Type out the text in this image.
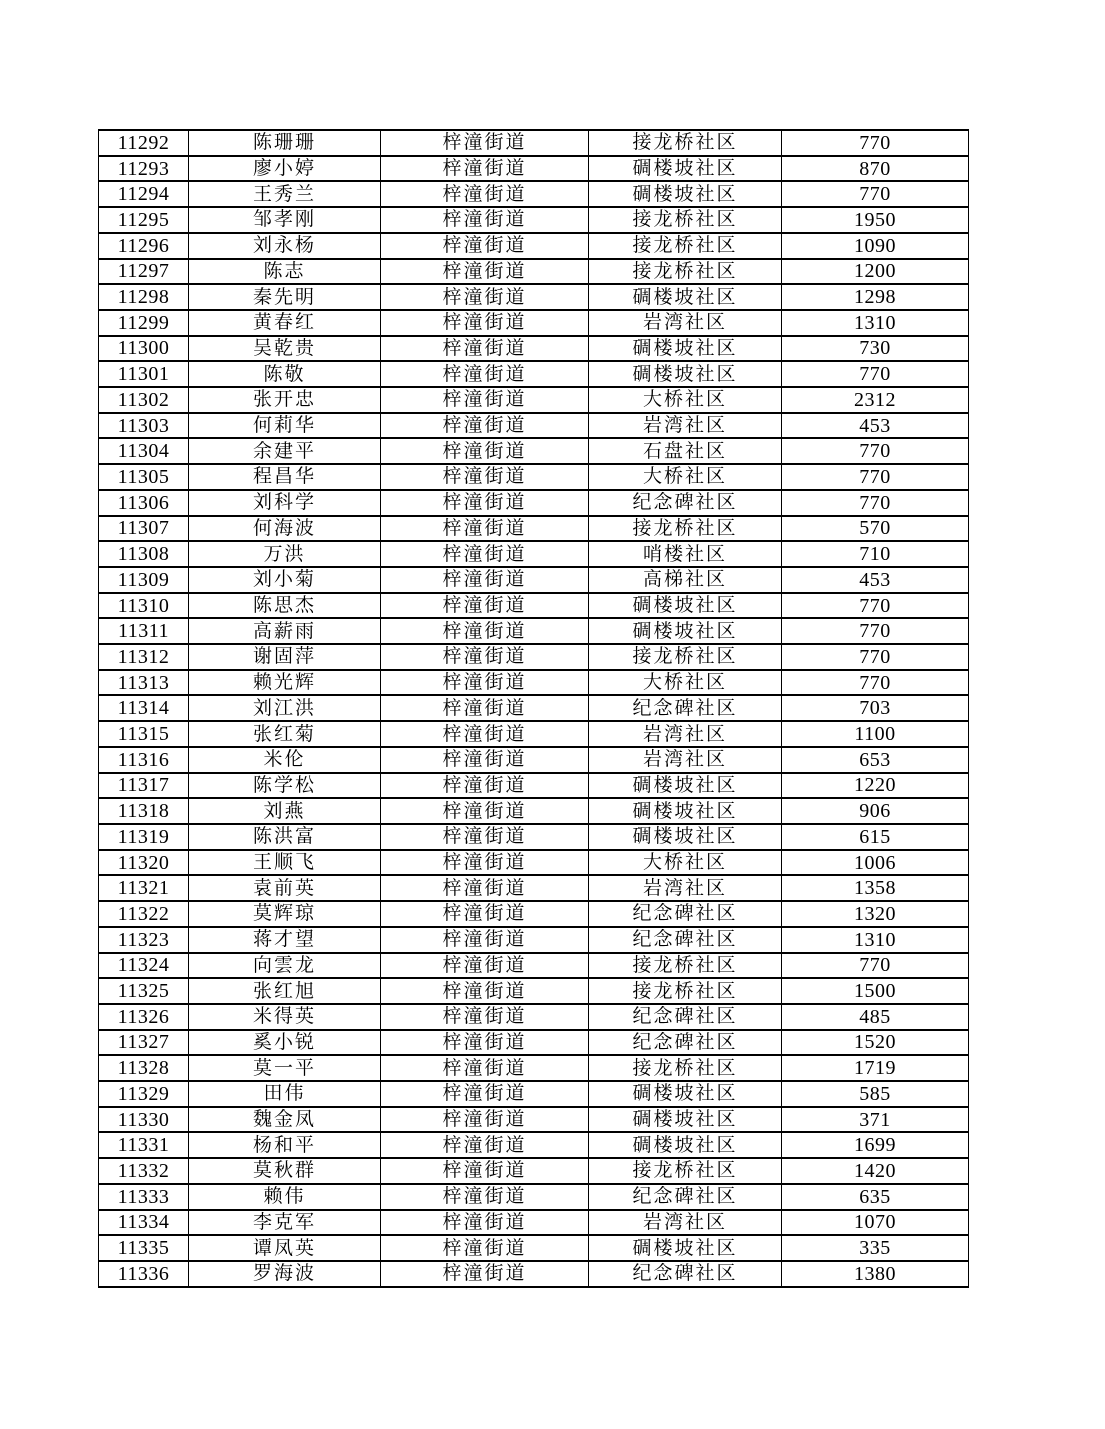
11292	陈珊珊	梓潼街道	接龙桥社区	770
11293	廖小婷	梓潼街道	碉楼坡社区	870
11294	王秀兰	梓潼街道	碉楼坡社区	770
11295	邹孝刚	梓潼街道	接龙桥社区	1950
11296	刘永杨	梓潼街道	接龙桥社区	1090
11297	陈志	梓潼街道	接龙桥社区	1200
11298	秦先明	梓潼街道	碉楼坡社区	1298
11299	黄春红	梓潼街道	岩湾社区	1310
11300	吴乾贵	梓潼街道	碉楼坡社区	730
11301	陈敬	梓潼街道	碉楼坡社区	770
11302	张开忠	梓潼街道	大桥社区	2312
11303	何莉华	梓潼街道	岩湾社区	453
11304	余建平	梓潼街道	石盘社区	770
11305	程昌华	梓潼街道	大桥社区	770
11306	刘科学	梓潼街道	纪念碑社区	770
11307	何海波	梓潼街道	接龙桥社区	570
11308	万洪	梓潼街道	哨楼社区	710
11309	刘小菊	梓潼街道	高梯社区	453
11310	陈思杰	梓潼街道	碉楼坡社区	770
11311	高薪雨	梓潼街道	碉楼坡社区	770
11312	谢固萍	梓潼街道	接龙桥社区	770
11313	赖光辉	梓潼街道	大桥社区	770
11314	刘江洪	梓潼街道	纪念碑社区	703
11315	张红菊	梓潼街道	岩湾社区	1100
11316	米伦	梓潼街道	岩湾社区	653
11317	陈学松	梓潼街道	碉楼坡社区	1220
11318	刘燕	梓潼街道	碉楼坡社区	906
11319	陈洪富	梓潼街道	碉楼坡社区	615
11320	王顺飞	梓潼街道	大桥社区	1006
11321	袁前英	梓潼街道	岩湾社区	1358
11322	莫辉琼	梓潼街道	纪念碑社区	1320
11323	蒋才望	梓潼街道	纪念碑社区	1310
11324	向雲龙	梓潼街道	接龙桥社区	770
11325	张红旭	梓潼街道	接龙桥社区	1500
11326	米得英	梓潼街道	纪念碑社区	485
11327	奚小锐	梓潼街道	纪念碑社区	1520
11328	莫一平	梓潼街道	接龙桥社区	1719
11329	田伟	梓潼街道	碉楼坡社区	585
11330	魏金凤	梓潼街道	碉楼坡社区	371
11331	杨和平	梓潼街道	碉楼坡社区	1699
11332	莫秋群	梓潼街道	接龙桥社区	1420
11333	赖伟	梓潼街道	纪念碑社区	635
11334	李克军	梓潼街道	岩湾社区	1070
11335	谭凤英	梓潼街道	碉楼坡社区	335
11336	罗海波	梓潼街道	纪念碑社区	1380
